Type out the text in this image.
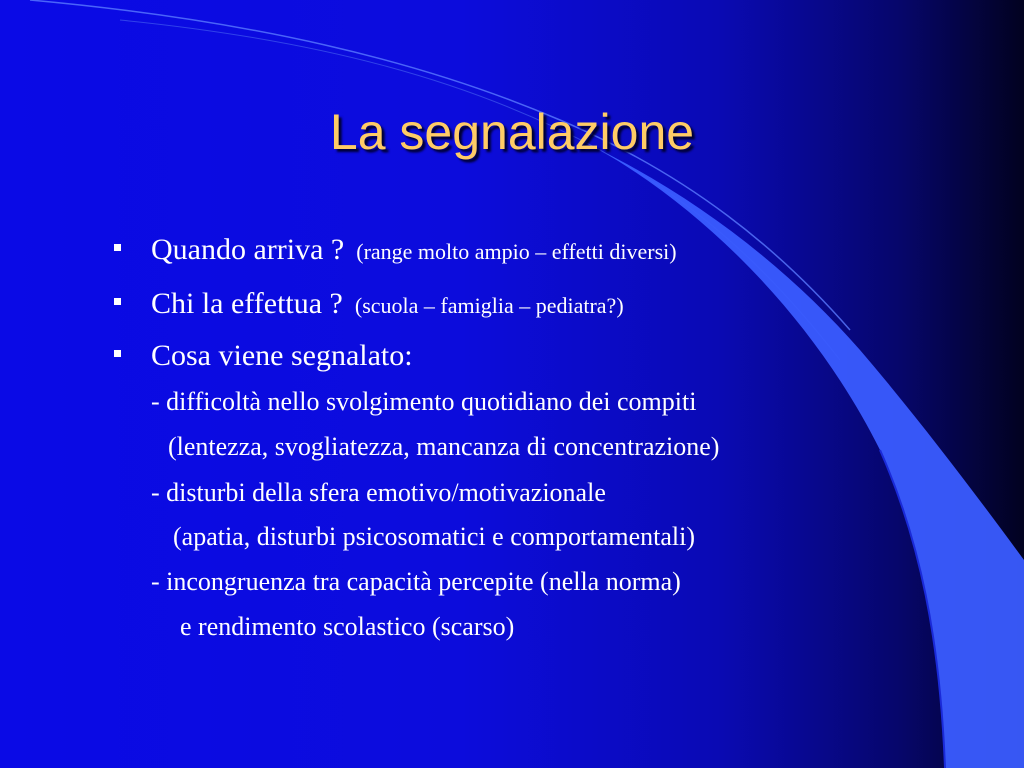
La segnalazione
Quando arriva ? (range molto ampio – effetti diversi)
Chi la effettua ? (scuola – famiglia – pediatra?)
Cosa viene segnalato:
- difficoltà nello svolgimento quotidiano dei compiti
(lentezza, svogliatezza, mancanza di concentrazione)
- disturbi della sfera emotivo/motivazionale
(apatia, disturbi psicosomatici e comportamentali)
- incongruenza tra capacità percepite (nella norma)
e rendimento scolastico (scarso)
